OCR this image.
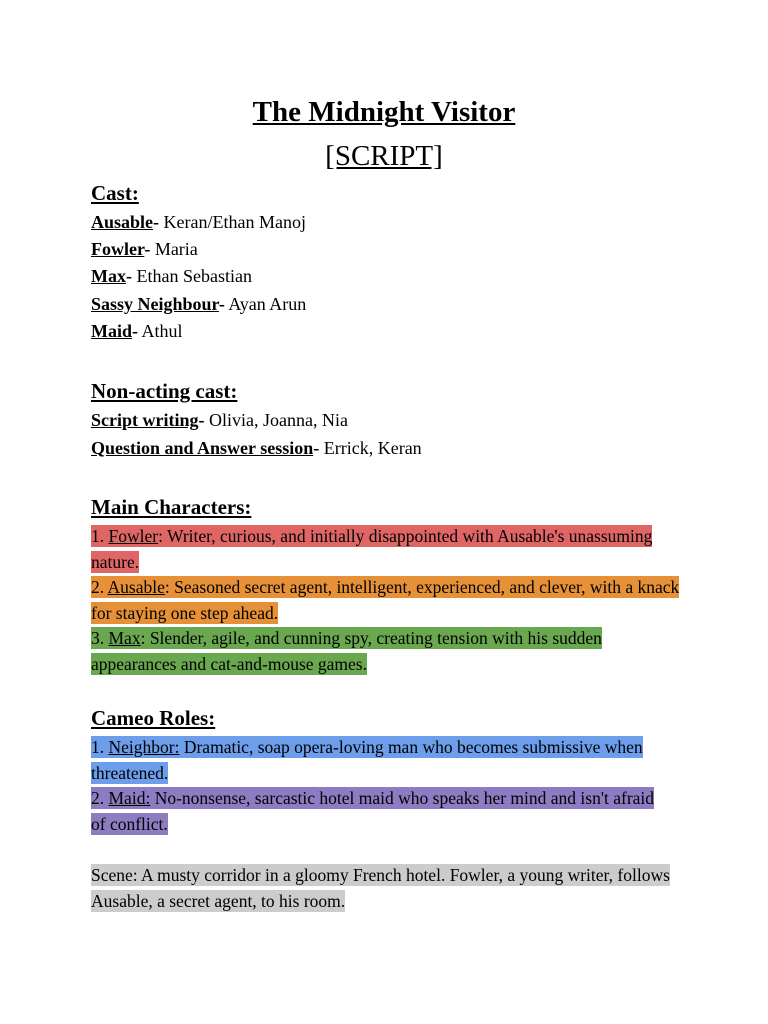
The Midnight Visitor
[SCRIPT]
Cast:
Ausable- Keran/Ethan Manoj
Fowler- Maria
Max- Ethan Sebastian
Sassy Neighbour- Ayan Arun
Maid- Athul
Non-acting cast:
Script writing- Olivia, Joanna, Nia
Question and Answer session- Errick, Keran
Main Characters:
1. Fowler: Writer, curious, and initially disappointed with Ausable's unassuming nature.
2. Ausable: Seasoned secret agent, intelligent, experienced, and clever, with a knack for staying one step ahead.
3. Max: Slender, agile, and cunning spy, creating tension with his sudden appearances and cat-and-mouse games.
Cameo Roles:
1. Neighbor: Dramatic, soap opera-loving man who becomes submissive when threatened.
2. Maid: No-nonsense, sarcastic hotel maid who speaks her mind and isn't afraid of conflict.
Scene: A musty corridor in a gloomy French hotel. Fowler, a young writer, follows Ausable, a secret agent, to his room.
